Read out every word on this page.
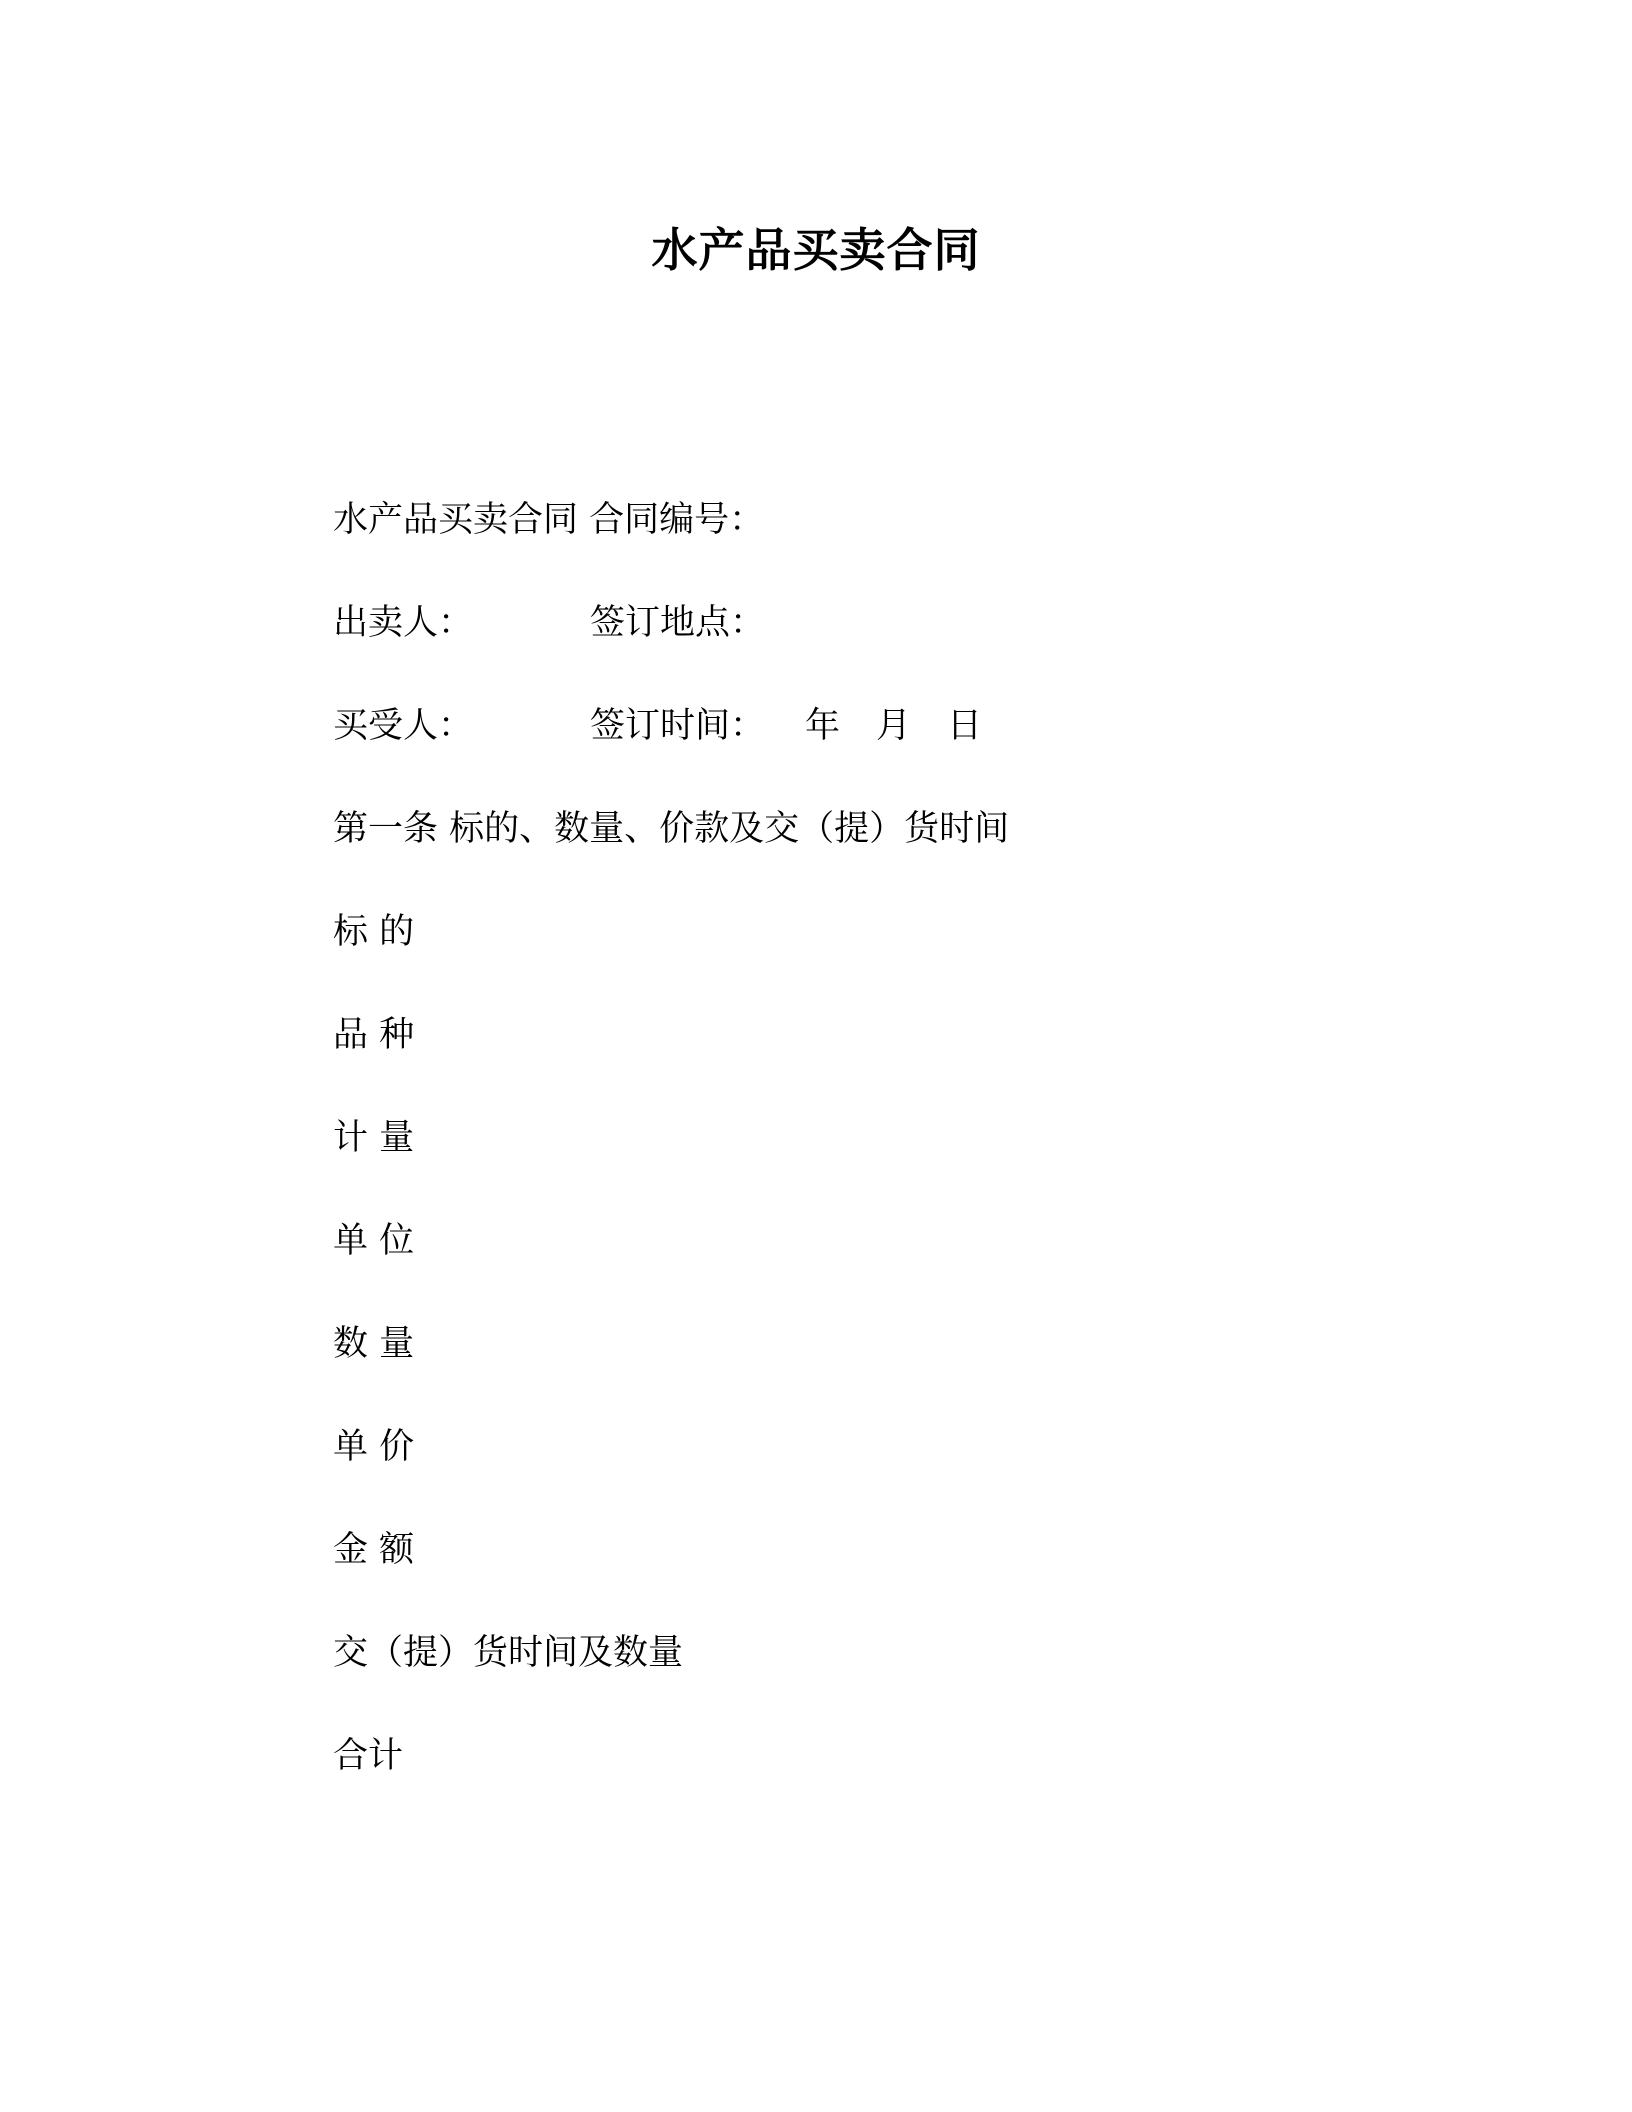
水产品买卖合同

水产品买卖合同 合同编号：

出卖人：	签订地点：

买受人：	签订时间： 年 月 日

第一条 标的、数量、价款及交（提）货时间

标 的

品 种

计 量

单 位

数 量

单 价

金 额

交（提）货时间及数量

合计
